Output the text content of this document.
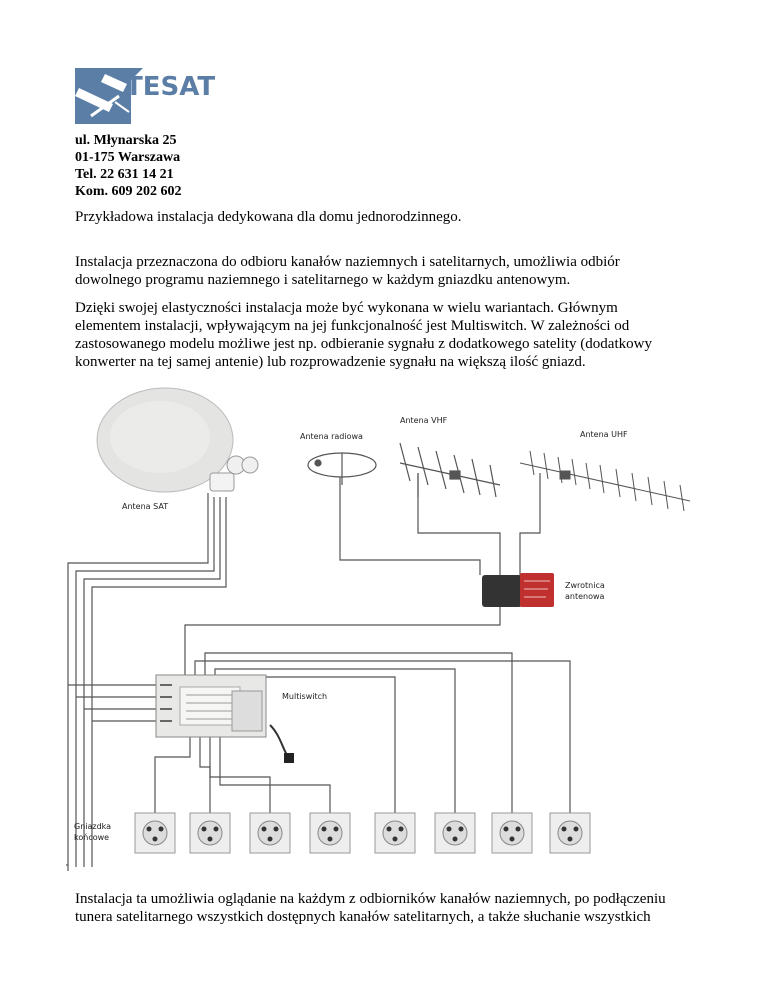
TESAT
ul. Młynarska 25
01-175 Warszawa
Tel. 22 631 14 21
Kom. 609 202 602
Przykładowa instalacja dedykowana dla domu jednorodzinnego.
Instalacja przeznaczona do odbioru kanałów naziemnych i satelitarnych, umożliwia odbiór
dowolnego programu naziemnego i satelitarnego w każdym gniazdku antenowym.
Dzięki swojej elastyczności instalacja może być wykonana w wielu wariantach. Głównym
elementem instalacji, wpływającym na jej funkcjonalność jest Multiswitch. W zależności od
zastosowanego modelu możliwe jest np. odbieranie sygnału z dodatkowego satelity (dodatkowy
konwerter na tej samej antenie) lub rozprowadzenie sygnału na większą ilość gniazd.
Antena SAT
Antena radiowa
Antena VHF
Antena UHF
Zwrotnica
antenowa
Multiswitch
Gniazdka
końcowe
Instalacja ta umożliwia oglądanie na każdym z odbiorników kanałów naziemnych, po podłączeniu
tunera satelitarnego wszystkich dostępnych kanałów satelitarnych, a także słuchanie wszystkich
